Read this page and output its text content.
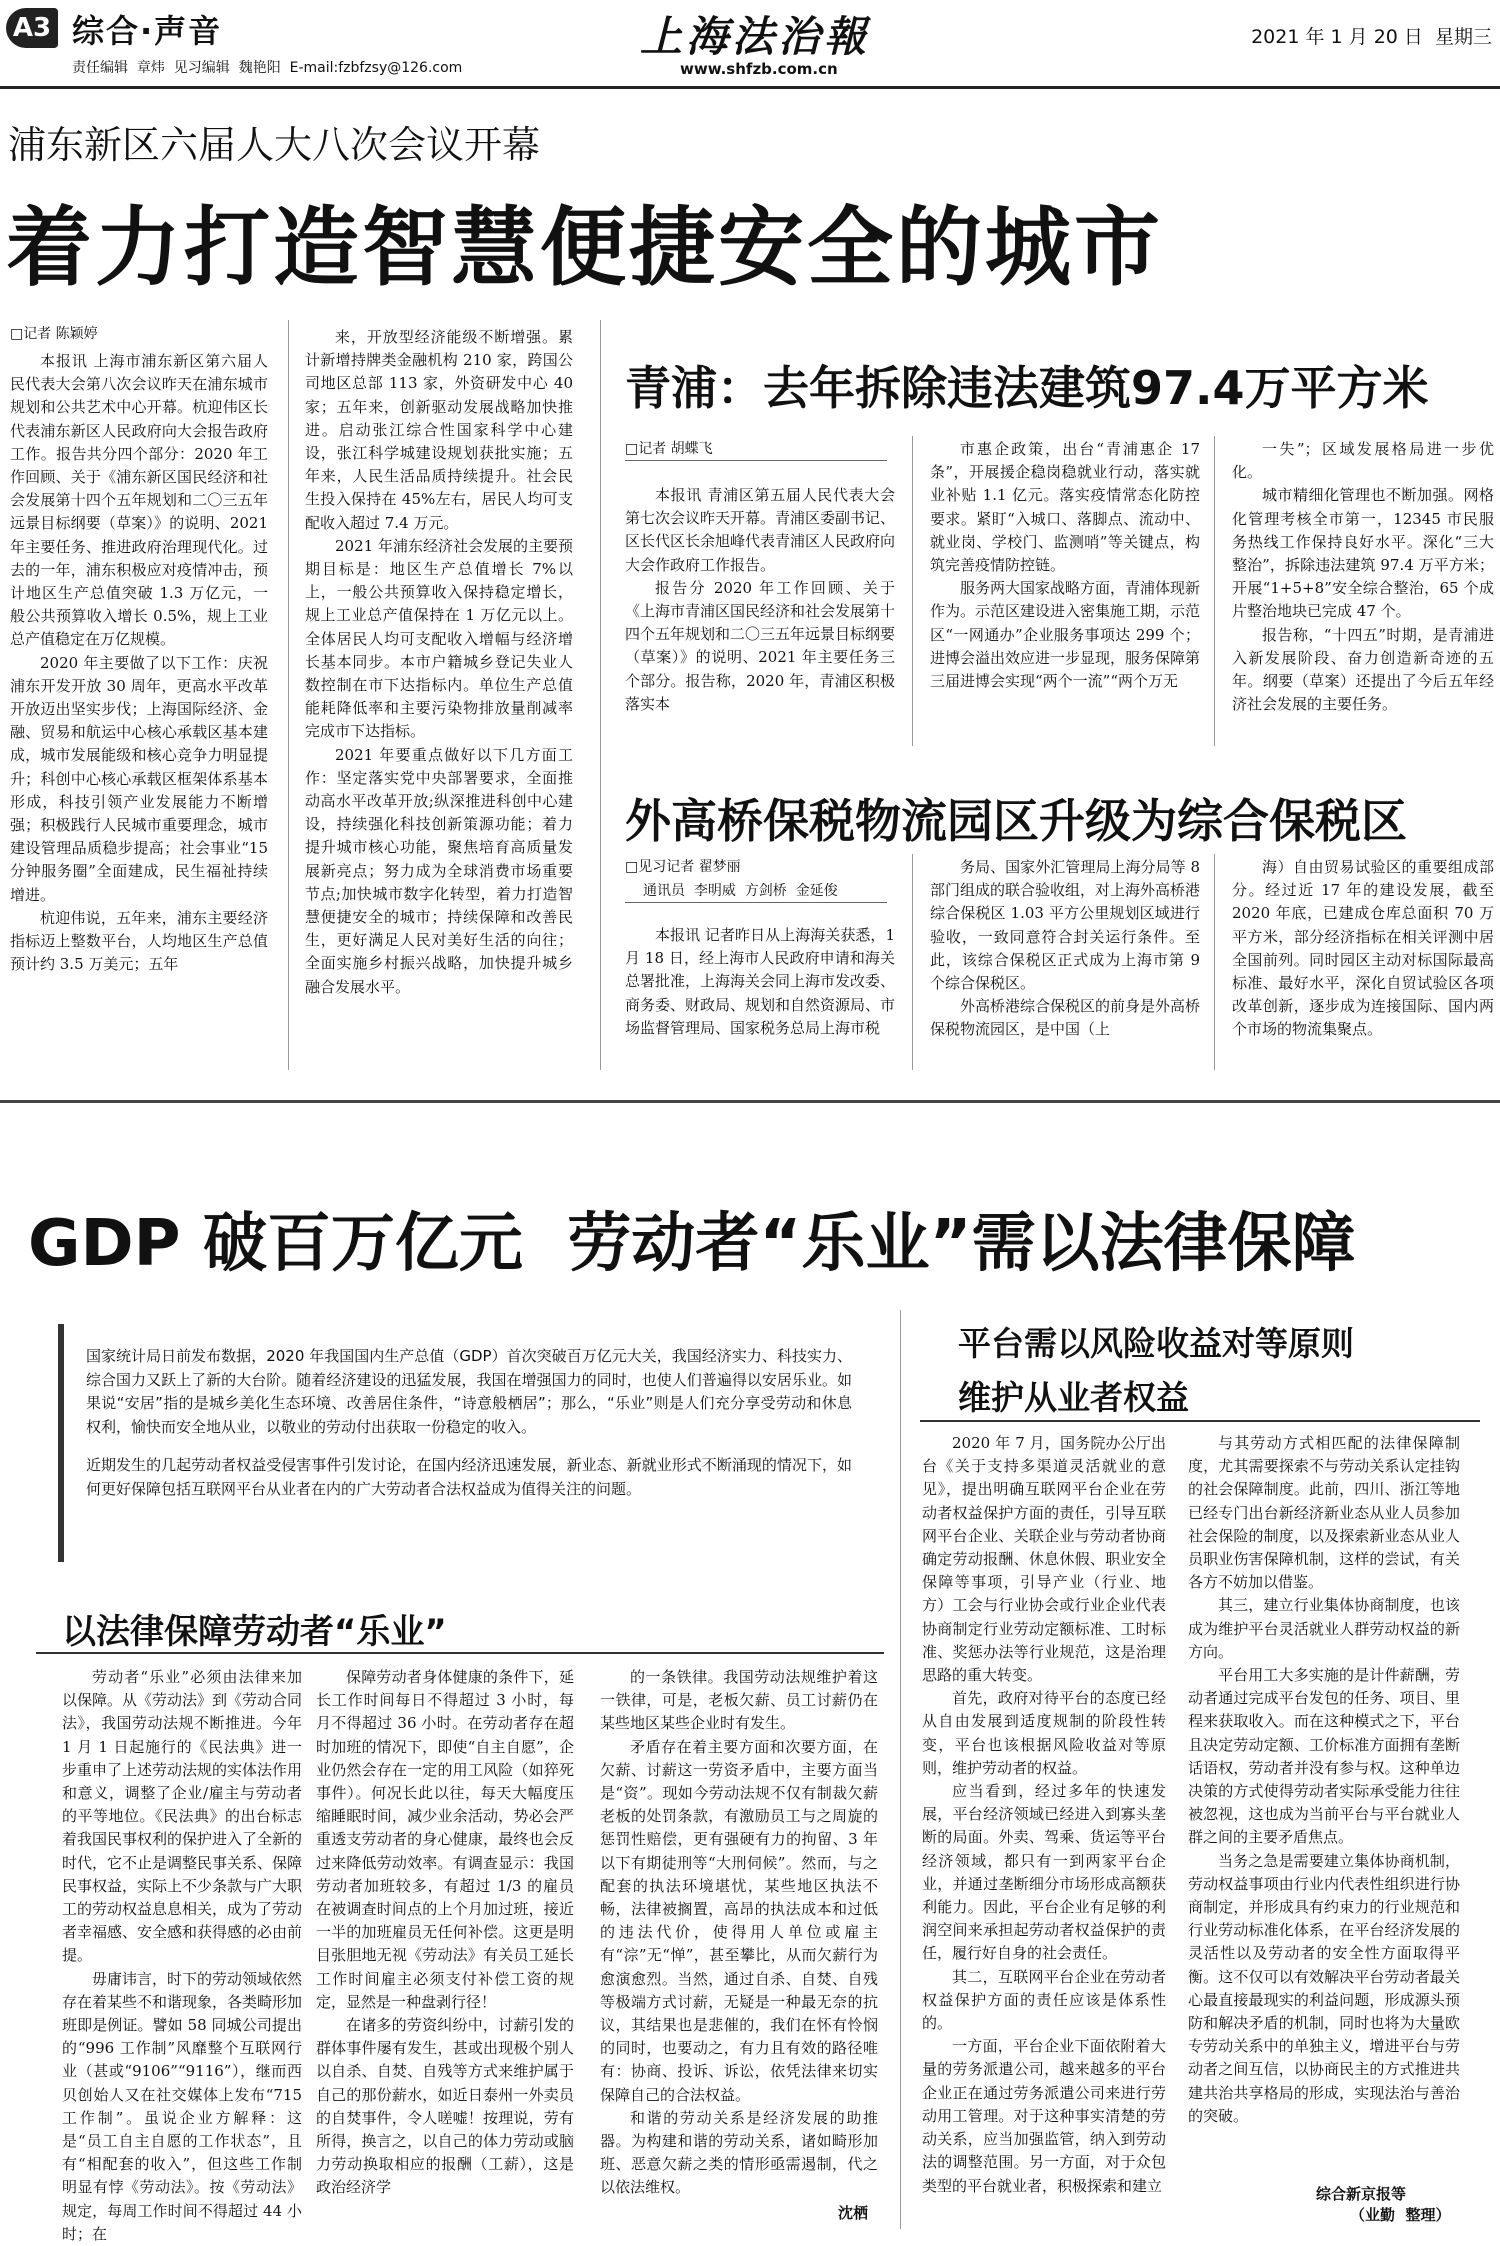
A3 综合·声音
责任编辑  章炜  见习编辑  魏艳阳  E-mail:fzbfzsy@126.com
上海法治報
www.shfzb.com.cn
2021 年 1 月 20 日  星期三
浦东新区六届人大八次会议开幕
着力打造智慧便捷安全的城市
□记者 陈颖婷

本报讯 上海市浦东新区第六届人民代表大会第八次会议昨天在浦东城市规划和公共艺术中心开幕。杭迎伟区长代表浦东新区人民政府向大会报告政府工作。报告共分四个部分：2020 年工作回顾、关于《浦东新区国民经济和社会发展第十四个五年规划和二〇三五年远景目标纲要（草案）》的说明、2021 年主要任务、推进政府治理现代化。过去的一年，浦东积极应对疫情冲击，预计地区生产总值突破 1.3 万亿元，一般公共预算收入增长 0.5%，规上工业总产值稳定在万亿规模。

2020 年主要做了以下工作：庆祝浦东开发开放 30 周年，更高水平改革开放迈出坚实步伐；上海国际经济、金融、贸易和航运中心核心承载区基本建成，城市发展能级和核心竞争力明显提升；科创中心核心承载区框架体系基本形成，科技引领产业发展能力不断增强；积极践行人民城市重要理念，城市建设管理品质稳步提高；社会事业“15 分钟服务圈”全面建成，民生福祉持续增进。

杭迎伟说，五年来，浦东主要经济指标迈上整数平台，人均地区生产总值预计约 3.5 万美元；五年

来，开放型经济能级不断增强。累计新增持牌类金融机构 210 家，跨国公司地区总部 113 家，外资研发中心 40 家；五年来，创新驱动发展战略加快推进。启动张江综合性国家科学中心建设，张江科学城建设规划获批实施；五年来，人民生活品质持续提升。社会民生投入保持在 45%左右，居民人均可支配收入超过 7.4 万元。

2021 年浦东经济社会发展的主要预期目标是：地区生产总值增长 7%以上，一般公共预算收入保持稳定增长，规上工业总产值保持在 1 万亿元以上。全体居民人均可支配收入增幅与经济增长基本同步。本市户籍城乡登记失业人数控制在市下达指标内。单位生产总值能耗降低率和主要污染物排放量削减率完成市下达指标。

2021 年要重点做好以下几方面工作：坚定落实党中央部署要求，全面推动高水平改革开放;纵深推进科创中心建设，持续强化科技创新策源功能；着力提升城市核心功能，聚焦培育高质量发展新亮点；努力成为全球消费市场重要节点;加快城市数字化转型，着力打造智慧便捷安全的城市；持续保障和改善民生，更好满足人民对美好生活的向往；全面实施乡村振兴战略，加快提升城乡融合发展水平。

青浦：去年拆除违法建筑97.4万平方米
□记者 胡蝶飞

本报讯 青浦区第五届人民代表大会第七次会议昨天开幕。青浦区委副书记、区长代区长余旭峰代表青浦区人民政府向大会作政府工作报告。

报告分 2020 年工作回顾、关于《上海市青浦区国民经济和社会发展第十四个五年规划和二〇三五年远景目标纲要（草案）》的说明、2021 年主要任务三个部分。报告称，2020 年，青浦区积极落实本

市惠企政策，出台“青浦惠企 17 条”，开展援企稳岗稳就业行动，落实就业补贴 1.1 亿元。落实疫情常态化防控要求。紧盯“入城口、落脚点、流动中、就业岗、学校门、监测哨”等关键点，构筑完善疫情防控链。

服务两大国家战略方面，青浦体现新作为。示范区建设进入密集施工期，示范区“一网通办”企业服务事项达 299 个；进博会溢出效应进一步显现，服务保障第三届进博会实现“两个一流”“两个万无

一失”；区域发展格局进一步优化。

城市精细化管理也不断加强。网格化管理考核全市第一，12345 市民服务热线工作保持良好水平。深化“三大整治”，拆除违法建筑 97.4 万平方米；开展“1+5+8”安全综合整治，65 个成片整治地块已完成 47 个。

报告称，“十四五”时期，是青浦进入新发展阶段、奋力创造新奇迹的五年。纲要（草案）还提出了今后五年经济社会发展的主要任务。

外高桥保税物流园区升级为综合保税区
□见习记者 翟梦丽
通讯员  李明威  方剑桥  金延俊

本报讯 记者昨日从上海海关获悉，1 月 18 日，经上海市人民政府申请和海关总署批准，上海海关会同上海市发改委、商务委、财政局、规划和自然资源局、市场监督管理局、国家税务总局上海市税

务局、国家外汇管理局上海分局等 8 部门组成的联合验收组，对上海外高桥港综合保税区 1.03 平方公里规划区域进行验收，一致同意符合封关运行条件。至此，该综合保税区正式成为上海市第 9 个综合保税区。

外高桥港综合保税区的前身是外高桥保税物流园区，是中国（上

海）自由贸易试验区的重要组成部分。经过近 17 年的建设发展，截至 2020 年底，已建成仓库总面积 70 万平方米，部分经济指标在相关评测中居全国前列。同时园区主动对标国际最高标准、最好水平，深化自贸试验区各项改革创新，逐步成为连接国际、国内两个市场的物流集聚点。

GDP 破百万亿元  劳动者“乐业”需以法律保障

国家统计局日前发布数据，2020 年我国国内生产总值（GDP）首次突破百万亿元大关，我国经济实力、科技实力、综合国力又跃上了新的大台阶。随着经济建设的迅猛发展，我国在增强国力的同时，也使人们普遍得以安居乐业。如果说“安居”指的是城乡美化生态环境、改善居住条件，“诗意般栖居”；那么，“乐业”则是人们充分享受劳动和休息权利，愉快而安全地从业，以敬业的劳动付出获取一份稳定的收入。

近期发生的几起劳动者权益受侵害事件引发讨论，在国内经济迅速发展，新业态、新就业形式不断涌现的情况下，如何更好保障包括互联网平台从业者在内的广大劳动者合法权益成为值得关注的问题。

以法律保障劳动者“乐业”

劳动者“乐业”必须由法律来加以保障。从《劳动法》到《劳动合同法》，我国劳动法规不断推进。今年 1 月 1 日起施行的《民法典》进一步重申了上述劳动法规的实体法作用和意义，调整了企业/雇主与劳动者的平等地位。《民法典》的出台标志着我国民事权利的保护进入了全新的时代，它不止是调整民事关系、保障民事权益，实际上不少条款与广大职工的劳动权益息息相关，成为了劳动者幸福感、安全感和获得感的必由前提。

毋庸讳言，时下的劳动领域依然存在着某些不和谐现象，各类畸形加班即是例证。譬如 58 同城公司提出的“996 工作制”风靡整个互联网行业（甚或“9106”“9116”），继而西贝创始人又在社交媒体上发布“715 工作制”。虽说企业方解释：这是“员工自主自愿的工作状态”，且有“相配套的收入”，但这些工作制明显有悖《劳动法》。按《劳动法》规定，每周工作时间不得超过 44 小时；在

保障劳动者身体健康的条件下，延长工作时间每日不得超过 3 小时，每月不得超过 36 小时。在劳动者存在超时加班的情况下，即使“自主自愿”，企业仍然会存在一定的用工风险（如猝死事件）。何况长此以往，每天大幅度压缩睡眠时间，减少业余活动，势必会严重透支劳动者的身心健康，最终也会反过来降低劳动效率。有调查显示：我国劳动者加班较多，有超过 1/3 的雇员在被调查时间点的上个月加过班，接近一半的加班雇员无任何补偿。这更是明目张胆地无视《劳动法》有关员工延长工作时间雇主必须支付补偿工资的规定，显然是一种盘剥行径！

在诸多的劳资纠纷中，讨薪引发的群体事件屡有发生，甚或出现极个别人以自杀、自焚、自残等方式来维护属于自己的那份薪水，如近日泰州一外卖员的自焚事件，令人嗟嘘！按理说，劳有所得，换言之，以自己的体力劳动或脑力劳动换取相应的报酬（工薪），这是政治经济学

的一条铁律。我国劳动法规维护着这一铁律，可是，老板欠薪、员工讨薪仍在某些地区某些企业时有发生。

矛盾存在着主要方面和次要方面，在欠薪、讨薪这一劳资矛盾中，主要方面当是“资”。现如今劳动法规不仅有制裁欠薪老板的处罚条款，有激励员工与之周旋的惩罚性赔偿，更有强硬有力的拘留、3 年以下有期徒刑等“大刑伺候”。然而，与之配套的执法环境堪忧，某些地区执法不畅，法律被搁置，高昂的执法成本和过低的违法代价，使得用人单位或雇主有“淙”无“惮”，甚至攀比，从而欠薪行为愈演愈烈。当然，通过自杀、自焚、自残等极端方式讨薪，无疑是一种最无奈的抗议，其结果也是悲催的，我们在怀有怜悯的同时，也要动之，有力且有效的路径唯有：协商、投诉、诉讼，依凭法律来切实保障自己的合法权益。

和谐的劳动关系是经济发展的助推器。为构建和谐的劳动关系，诸如畸形加班、恶意欠薪之类的情形亟需遏制，代之以依法维权。

沈栖
平台需以风险收益对等原则
维护从业者权益

2020 年 7 月，国务院办公厅出台《关于支持多渠道灵活就业的意见》，提出明确互联网平台企业在劳动者权益保护方面的责任，引导互联网平台企业、关联企业与劳动者协商确定劳动报酬、休息休假、职业安全保障等事项，引导产业（行业、地方）工会与行业协会或行业企业代表协商制定行业劳动定额标准、工时标准、奖惩办法等行业规范，这是治理思路的重大转变。

首先，政府对待平台的态度已经从自由发展到适度规制的阶段性转变，平台也该根据风险收益对等原则，维护劳动者的权益。

应当看到，经过多年的快速发展，平台经济领域已经进入到寡头垄断的局面。外卖、驾乘、货运等平台经济领域，都只有一到两家平台企业，并通过垄断细分市场形成高额获利能力。因此，平台企业有足够的利润空间来承担起劳动者权益保护的责任，履行好自身的社会责任。

其二，互联网平台企业在劳动者权益保护方面的责任应该是体系性的。

一方面，平台企业下面依附着大量的劳务派遣公司，越来越多的平台企业正在通过劳务派遣公司来进行劳动用工管理。对于这种事实清楚的劳动关系，应当加强监管，纳入到劳动法的调整范围。另一方面，对于众包类型的平台就业者，积极探索和建立

与其劳动方式相匹配的法律保障制度，尤其需要探索不与劳动关系认定挂钩的社会保障制度。此前，四川、浙江等地已经专门出台新经济新业态从业人员参加社会保险的制度，以及探索新业态从业人员职业伤害保障机制，这样的尝试，有关各方不妨加以借鉴。

其三，建立行业集体协商制度，也该成为维护平台灵活就业人群劳动权益的新方向。

平台用工大多实施的是计件薪酬，劳动者通过完成平台发包的任务、项目、里程来获取收入。而在这种模式之下，平台且决定劳动定额、工价标准方面拥有垄断话语权，劳动者并没有参与权。这种单边决策的方式使得劳动者实际承受能力往往被忽视，这也成为当前平台与平台就业人群之间的主要矛盾焦点。

当务之急是需要建立集体协商机制，劳动权益事项由行业内代表性组织进行协商制定，并形成具有约束力的行业规范和行业劳动标准化体系，在平台经济发展的灵活性以及劳动者的安全性方面取得平衡。这不仅可以有效解决平台劳动者最关心最直接最现实的利益问题，形成源头预防和解决矛盾的机制，同时也将为大量欧专劳动关系中的单独主义，增进平台与劳动者之间互信，以协商民主的方式推进共建共治共享格局的形成，实现法治与善治的突破。

综合新京报等
（业勤  整理）
